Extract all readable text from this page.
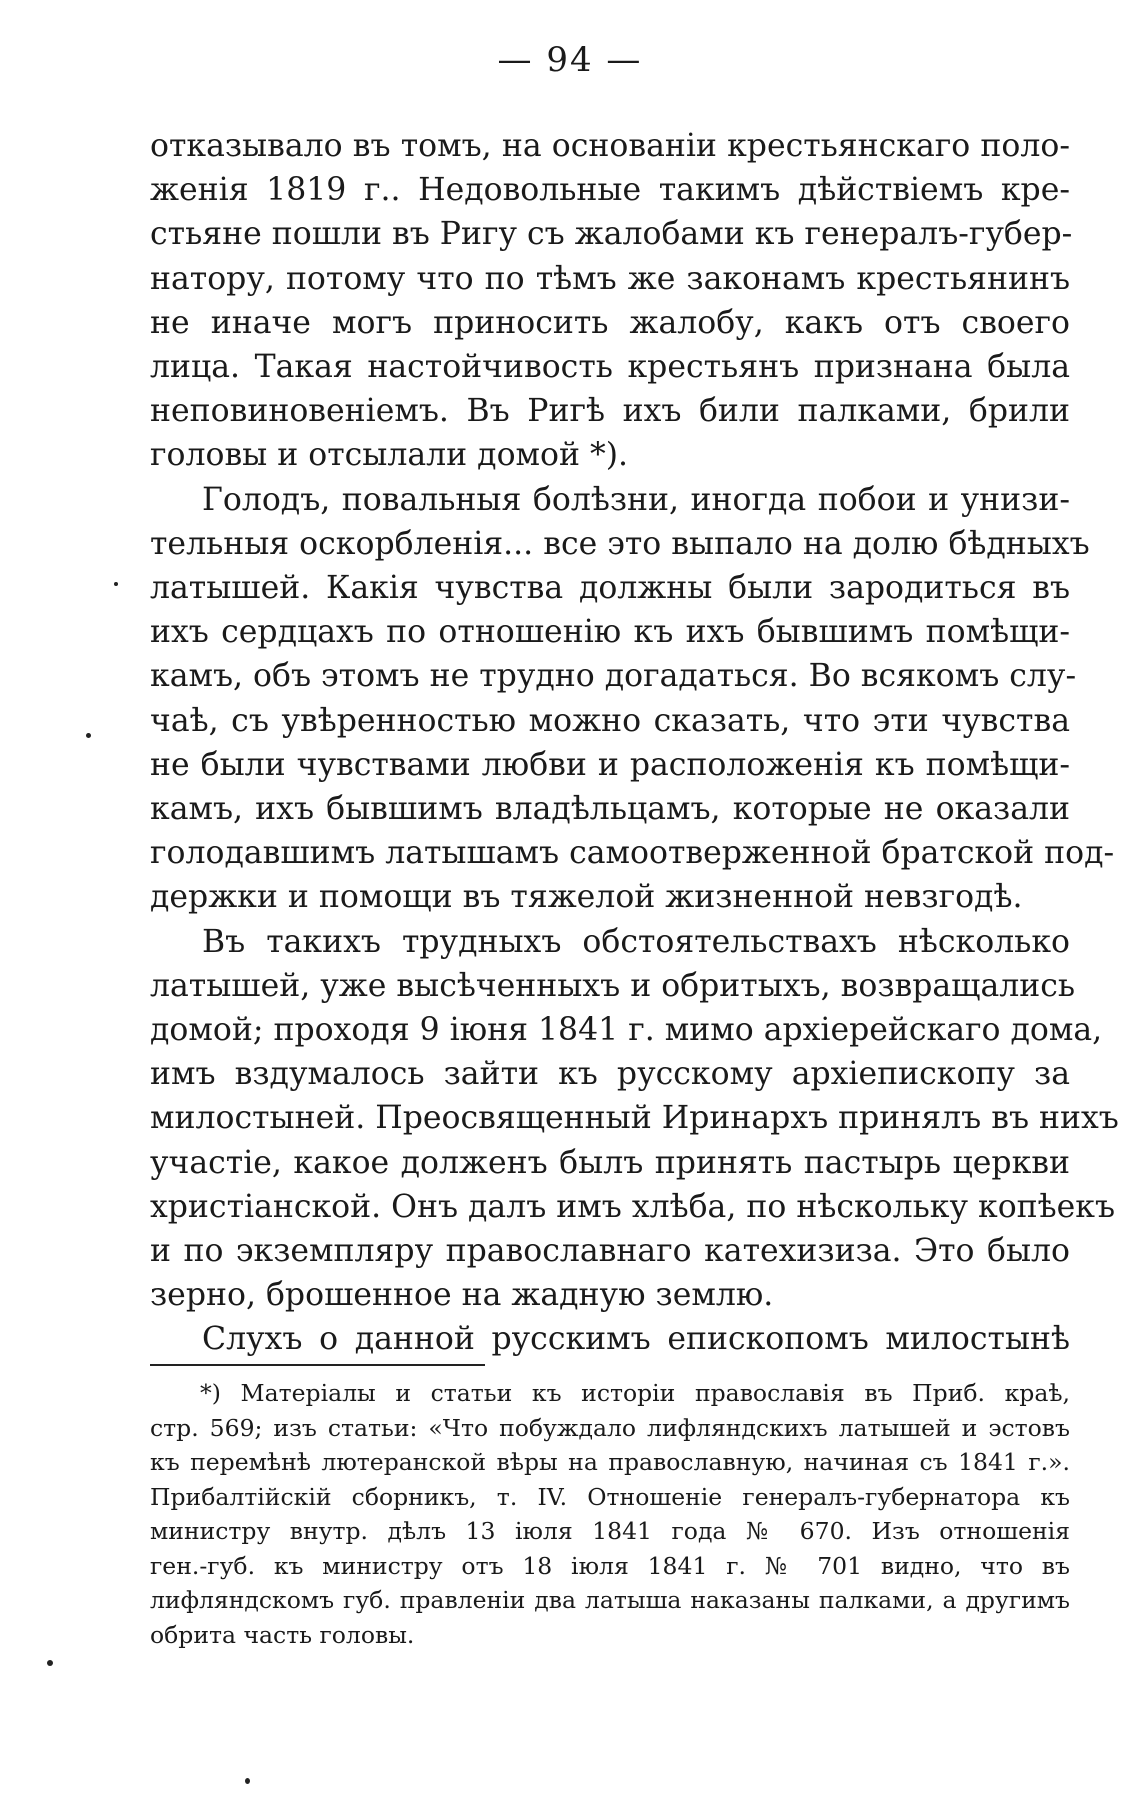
— 94 —

отказывало въ томъ, на основаніи крестьянскаго поло-
женія 1819 г.. Недовольные такимъ дѣйствіемъ кре-
стьяне пошли въ Ригу съ жалобами къ генералъ-губер-
натору, потому что по тѣмъ же законамъ крестьянинъ
не иначе могъ приносить жалобу, какъ отъ своего
лица. Такая настойчивость крестьянъ признана была
неповиновеніемъ. Въ Ригѣ ихъ били палками, брили
головы и отсылали домой *).

Голодъ, повальныя болѣзни, иногда побои и унизи-
тельныя оскорбленія... все это выпало на долю бѣдныхъ
латышей. Какія чувства должны были зародиться въ
ихъ сердцахъ по отношенію къ ихъ бывшимъ помѣщи-
камъ, объ этомъ не трудно догадаться. Во всякомъ слу-
чаѣ, съ увѣренностью можно сказать, что эти чувства
не были чувствами любви и расположенія къ помѣщи-
камъ, ихъ бывшимъ владѣльцамъ, которые не оказали
голодавшимъ латышамъ самоотверженной братской под-
держки и помощи въ тяжелой жизненной невзгодѣ.

Въ такихъ трудныхъ обстоятельствахъ нѣсколько
латышей, уже высѣченныхъ и обритыхъ, возвращались
домой; проходя 9 іюня 1841 г. мимо архіерейскаго дома,
имъ вздумалось зайти къ русскому архіепископу за
милостыней. Преосвященный Иринархъ принялъ въ нихъ
участіе, какое долженъ былъ принять пастырь церкви
христіанской. Онъ далъ имъ хлѣба, по нѣскольку копѣекъ
и по экземпляру православнаго катехизиза. Это было
зерно, брошенное на жадную землю.

Слухъ о данной русскимъ епископомъ милостынѣ

*) Матеріалы и статьи къ исторіи православія въ Приб. краѣ,
стр. 569; изъ статьи: «Что побуждало лифляндскихъ латышей и эстовъ
къ перемѣнѣ лютеранской вѣры на православную, начиная съ 1841 г.».
Прибалтійскій сборникъ, т. IV. Отношеніе генералъ-губернатора къ
министру внутр. дѣлъ 13 іюля 1841 года № 670. Изъ отношенія
ген.-губ. къ министру отъ 18 іюля 1841 г. № 701 видно, что въ
лифляндскомъ губ. правленіи два латыша наказаны палками, а другимъ
обрита часть головы.
